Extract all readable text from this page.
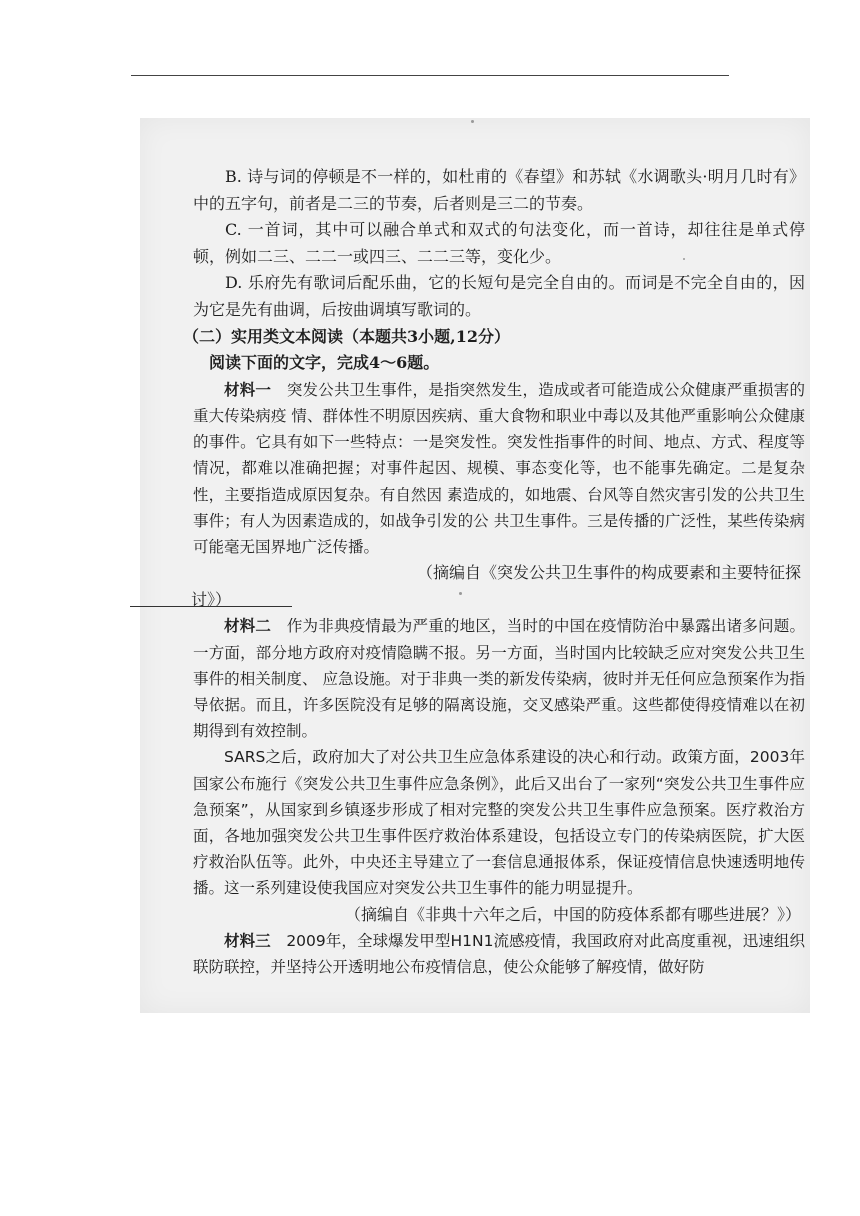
B. 诗与词的停顿是不一样的，如杜甫的《春望》和苏轼《水调歌头·明月几时有》中的五字句，前者是二三的节奏，后者则是三二的节奏。

C. 一首词，其中可以融合单式和双式的句法变化，而一首诗，却往往是单式停顿，例如二三、二二一或四三、二二三等，变化少。

D. 乐府先有歌词后配乐曲，它的长短句是完全自由的。而词是不完全自由的，因为它是先有曲调，后按曲调填写歌词的。

（二）实用类文本阅读（本题共3小题,12分）

阅读下面的文字，完成4～6题。

材料一　 突发公共卫生事件，是指突然发生，造成或者可能造成公众健康严重损害的重大传染病疫 情、群体性不明原因疾病、重大食物和职业中毒以及其他严重影响公众健康的事件。它具有如下一些特点：一是突发性。突发性指事件的时间、地点、方式、程度等情况，都难以准确把握；对事件起因、规模、事态变化等，也不能事先确定。二是复杂性，主要指造成原因复杂。有自然因 素造成的，如地震、台风等自然灾害引发的公共卫生事件；有人为因素造成的，如战争引发的公 共卫生事件。三是传播的广泛性，某些传染病可能毫无国界地广泛传播。

（摘编自《突发公共卫生事件的构成要素和主要特征探

讨》）

材料二　 作为非典疫情最为严重的地区，当时的中国在疫情防治中暴露出诸多问题。一方面，部分地方政府对疫情隐瞒不报。另一方面，当时国内比较缺乏应对突发公共卫生事件的相关制度、 应急设施。对于非典一类的新发传染病，彼时并无任何应急预案作为指导依据。而且，许多医院没有足够的隔离设施，交叉感染严重。这些都使得疫情难以在初期得到有效控制。

SARS之后，政府加大了对公共卫生应急体系建设的决心和行动。政策方面，2003年国家公布施行《突发公共卫生事件应急条例》，此后又出台了一家列“突发公共卫生事件应急预案”，从国家到乡镇逐步形成了相对完整的突发公共卫生事件应急预案。医疗救治方面，各地加强突发公共卫生事件医疗救治体系建设，包括设立专门的传染病医院，扩大医疗救治队伍等。此外，中央还主导建立了一套信息通报体系，保证疫情信息快速透明地传播。这一系列建设使我国应对突发公共卫生事件的能力明显提升。

（摘编自《非典十六年之后，中国的防疫体系都有哪些进展？》）

材料三　 2009年，全球爆发甲型H1N1流感疫情，我国政府对此高度重视，迅速组织联防联控，并坚持公开透明地公布疫情信息，使公众能够了解疫情，做好防
